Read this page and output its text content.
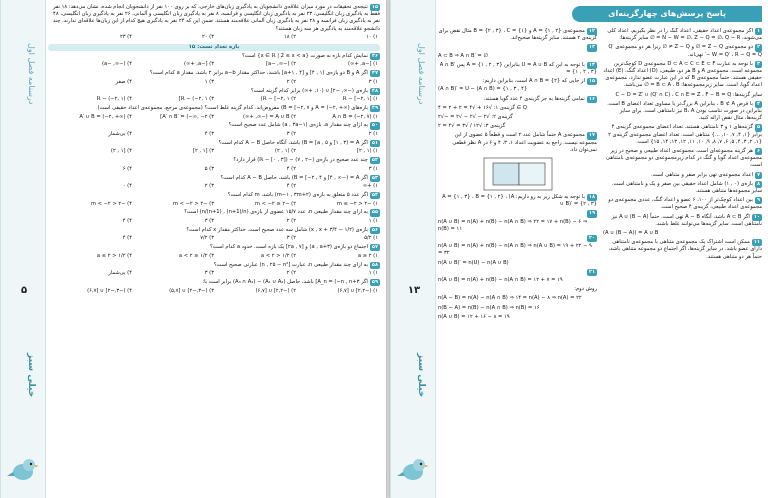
درسنامه فصل اول
۵
خیلی سبز
۱۵نتیجه‌ی تحقیقات در مورد میزان علاقه‌ی دانشجویان به یادگیری زبان‌های خارجی، که بر روی ۱۰۰ نفر از دانشجویان انجام شده، نشان می‌دهد: ۱۸ نفر فقط به یادگیری زبان انگلیسی، ۲۳ نفر به یادگیری زبان انگلیسی و فرانسه، ۸ نفر به یادگیری زبان انگلیسی و آلمانی، ۲۶ نفر به یادگیری زبان انگلیسی، ۴۸ نفر به یادگیری زبان فرانسه و ۲۸ نفر به یادگیری زبان آلمانی علاقه‌مند هستند. ضمن این که ۲۴ نفر به یادگیری هیچ کدام از این زبان‌ها علاقه‌ای ندارند. چند دانشجو علاقه‌مند به یادگیری هر سه زبان هستند؟
۱) ۱۰
۲) ۱۸
۳) ۲۰
۴) ۲۳
بازه تعداد تست: ۱۵
۴۶نمایش کدام بازه به صورت {x ∈ ℝ | 2 ≤ x < a} است؟
۱) [−a, +∞)
۲) (−∞, −a]
۳) [−a, +∞)
۴) (−∞, −a)
۴۷اگر A و B دو بازه‌ی (۱ , ۴] و [۴ , ۱+a] باشند، حداکثر مقدار a−b برابر ۲ باشد، مقدار a کدام است؟
۱) ۳
۲) ۲
۳) ۱
۴) صفر
۴۸بازه‌ی (−∞, −۲] ∪ (۱۰, +∞) برابر کدام گزینه است؟
۱) ℝ − [−۲, ۱]
۲) ℝ − [−۲, ۱)
۳) ℝ − (−۲, ۱]
۴) ℝ − (−۲, ۱)
۴۹بازه‌های A = (−۲, +∞) و B = [−۲, ۷) مفروض‌اند. کدام گزینه غلط است؟ (مجموعه‌ی مرجع، مجموعه‌ی اعداد حقیقی است)
۱) A ∩ B = (−۲, ۷)
۲) A ∪ B = (−∞, +∞)
۳) A′ ∩ B′ = (−∞, −۲]
۴) A′ ∪ B = (−۲, +∞)
۵۰به ازای چند مقدار a، بازه‌ی (a , ۳a−۱) شامل عدد صحیح است؟
۱) ۲
۲) ۳
۳) ۴
۴) بی‌شمار
۵۱اگر A = (۱ , ۳] و B = [a , ۵) باشد، آنگاه حاصل A − B کدام است؟
۱) (۱ , ۲]
۲) (۱ , ۲)
۳) [۱ , ۲]
۴) [۱ , ۲)
۵۲چند عدد صحیح در بازه‌ی (−۲ , ۷) − (ℝ − [۰ , ۳]) قرار دارد؟
۱) ۳
۲) ۴
۳) ۵
۴) ۶
۵۳اگر A = (−∞ , ۴] و B = [−۲ , ۴) باشد، حاصل A − B کدام است؟
۱) +∞
۲) ۴
۳) ۲
۴) ۰
۵۴اگر عدد ۵ متعلق به بازه‌ی (m−۱ , ۳m+۲) باشد، m کدام است؟
۱) −۲ < m ≤ −۲
۲) −۲ ≤ m < −۲
۳) −۲ < m < −۲
۴) −۲ < m < −۲
۵۵به ازای چند مقدار طبیعی n، عدد ۱۵/۷ عضوی از بازه‌ی (n/(n+1) , (n+1)/n) است؟
۱) ۱
۲) ۲
۳) ۳
۴) ۴
۵۶بازه‌ی (۱/۲ − x , x + ۳/۴) شامل سه عدد صحیح است. حداکثر مقدار x کدام است؟
۱) ۵/۲
۲) ۳
۳) ۷/۲
۴) ۴
۵۷اجتماع دو بازه‌ی (a , a+۳) و [۲a , ۷] یک بازه است. حدود a کدام است؟
۱) a ≥ ۲
۲) ۱/۲ < a < ۲
۳) ۱/۲ ≤ a < ۲
۴) ۱/۲ < a ≤ ۲
۵۸به ازای چند مقدار طبیعی n، عبارت [n , ۲۵ − n²) عبارتی صحیح است؟
۱) ۱
۲) ۲
۳) ۳
۴) بی‌شمار
۵۹اگر A_n = (−n , n+۳] باشد، حاصل (A₁ ∪ A₂) − (A₃ ∩ A₄) برابر است با:
۱) (−۲,۲] ∪ [۶,۷)
۲) (−۲,۲] ∪ [۶,۷)
۳) (−۳,−۲] ∪ [۵,۷)
۴) (−۳,−۲] ∪ [۶,۷)
درسنامه فصل اول
۱۳
خیلی سبز
پاسخ پرسش‌های چهارگزینه‌ای
۱اگر مجموعه‌ی اعداد حقیقی، اعداد گنگ را در نظر بگیریم، اعداد کلی می‌شوند، N − W = ∅، Z − Q = ∅، Q − R = ∅ سایر گزینه‌ها:
۲دو مجموعه‌ی Z − Q = ∅ و Z − Q ≠ ∅ زیرا هر دو مجموعه‌ی Q′ − W = Q′ ، R − Q = Q′ تهی‌اند.
۳با توجه به عبارت D ⊂ A ⊂ C ⊂ E ⊂ F مجموعه‌ی D کوچک‌ترین مجموعه است. مجموعه‌ی A و B هر دو، طبیعی، (D) اعداد گنگ، (E) اعداد حقیقی هستند. حتماً مجموعه‌ی B که در این عبارت عضو ندارد، مجموعه‌ی اعداد گویا، است. سایر زیرمجموعه‌ها: B ⊂ A ، B = ∅ می‌باشد.
سایر گزینه‌ها: C − D = Z′ ∪ (Q′ ∩ C) ، C ∩ E = Z ، F − B = Q
۴با فرض B ⊄ A ، بنابراین A بزرگ‌تر یا مساوی تعداد اعضای B است. بنابراین در صورت تناسب بودن B، A نیز نامتناهی است. برای سایر گزینه‌ها، مثال نقض ارائه کنید.
۵گزینه‌های ۱ و ۳ نامتناهی هستند. تعداد اعضای مجموعه‌ی گزینه‌ی ۴ برابر {۱, ۴, ۷, ۱۰, ...} متناهی است. تعداد اعضای مجموعه‌ی گزینه‌ی ۲ {۱, ۲, ۳, ۴, ۵, ۶, ۷, ۸, ۹, ۱۰, ۱۱, ۱۲, ۱۳, ۱۴, ۱۵} است.
۶هر گزینه مجموعه‌ای است. مجموعه‌ی اعداد طبیعی و صحیح در زیر مجموعه‌ی اعداد گویا و گنگ در کدام زیرمجموعه‌ی دو مجموعه‌ی نامتناهی است.
۷اعداد مجموعه‌ی تهی برابر صفر و متناهی است.
۸بازه‌ی (۰ , ۱) شامل اعداد حقیقی بین صفر و یک و نامتناهی است. سایر مجموعه‌ها متناهی هستند.
۹بین اعداد کوچک‌تر از ۱۰۰، ۶ عضو و اعداد گنگ، عددی مجموعه‌ی دو مجموعه‌ی اعداد طبیعی، گزینه‌ی ۴ صحیح است.
۱۰اگر A ⊂ B باشد، آنگاه A − B تهی است. حتماً A ∪ (B − A) نیز نامتناهی است. سایر گزینه‌ها می‌توانند غلط باشند.
(A ∪ (B − A)) = A ∪ B
۱۱ممکن است اشتراک یک مجموعه‌ی متناهی با مجموعه‌ی نامتناهی دارای عضو باشد. در سایر گزینه‌ها، اگر اجتماع دو مجموعه متناهی باشد، حتماً هر دو متناهی هستند.
۱۲مجموعه‌ی A = {۱ , ۲} و B = {۲ , ۳} ، C = {۱} مثال نقض برای گزینه‌ی ۲ هستند. سایر گزینه‌ها صحیح‌اند.
۱۳
A ⊂ B ⇒ A ∩ B′ = ∅
۱۴با توجه به این که U = A ∪ B بنابراین A = {۱ , ۲ , ۳} پس A ∩ B′ = {۱ , ۲ , ۳}
۱۵از جایی که A ∩ B = {۲} است، بنابراین داریم:
(A ∩ B)′ = U − (A ∩ B) = {۱ , ۳ , ۴}
۱۶تمامی گزینه‌ها به جز گزینه‌ی ۴ عدد گویا هستند.
گزینه‌ی ۱: √۱۶ + √۴ = ۲ + ۲ = ۴ ∈ Q
گزینه‌ی ۲: √۲ − √۲ − √۲ = −√۲
گزینه‌ی ۳: √۱۲ / √۳ = √۴ = ۲
۱۷مجموعه‌ی A حتماً شامل عدد ۲ است و قطعاً ۵ عضوی از این مجموعه نیست. راجع به عضویت اعداد ۱، ۳، ۴ و ۶ در A نظر قطعی نمی‌توان داد.
۱۸با توجه به شکل زیر به رو داریم: A = {۱ , ۳} ، B = {۱ , ۲} ، (A ∪ B)′ = {۲ , ۳}
۱۹
n(A ∪ B) = n(A) + n(B) − n(A ∩ B) ⇒ ۲۲ = ۱۷ + n(B) − ۶ ⇒ n(B) = ۱۱
۲۰
n(A ∪ B) = n(A) + n(B) − n(A ∩ B) ⇒ n(A ∪ B) = ۱۹ + ۲۲ − ۹ = ۳۲
n(A ∪ B)′ = n(U) − n(A ∪ B)
۲۱
n(A ∪ B) = n(A) + n(B) − n(A ∩ B) = ۱۲ + ۷ = ۱۹
روش دوم:
n(A − B) = n(A) − n(A ∩ B) ⇒ ۱۴ = n(A) − ۸ ⇒ n(A) = ۲۲
n(B − A) = n(B) − n(A ∩ B) ⇒ n(B) = ۱۶
n(A ∪ B) = ۱۲ + ۱۶ − ۸ = ۱۹
